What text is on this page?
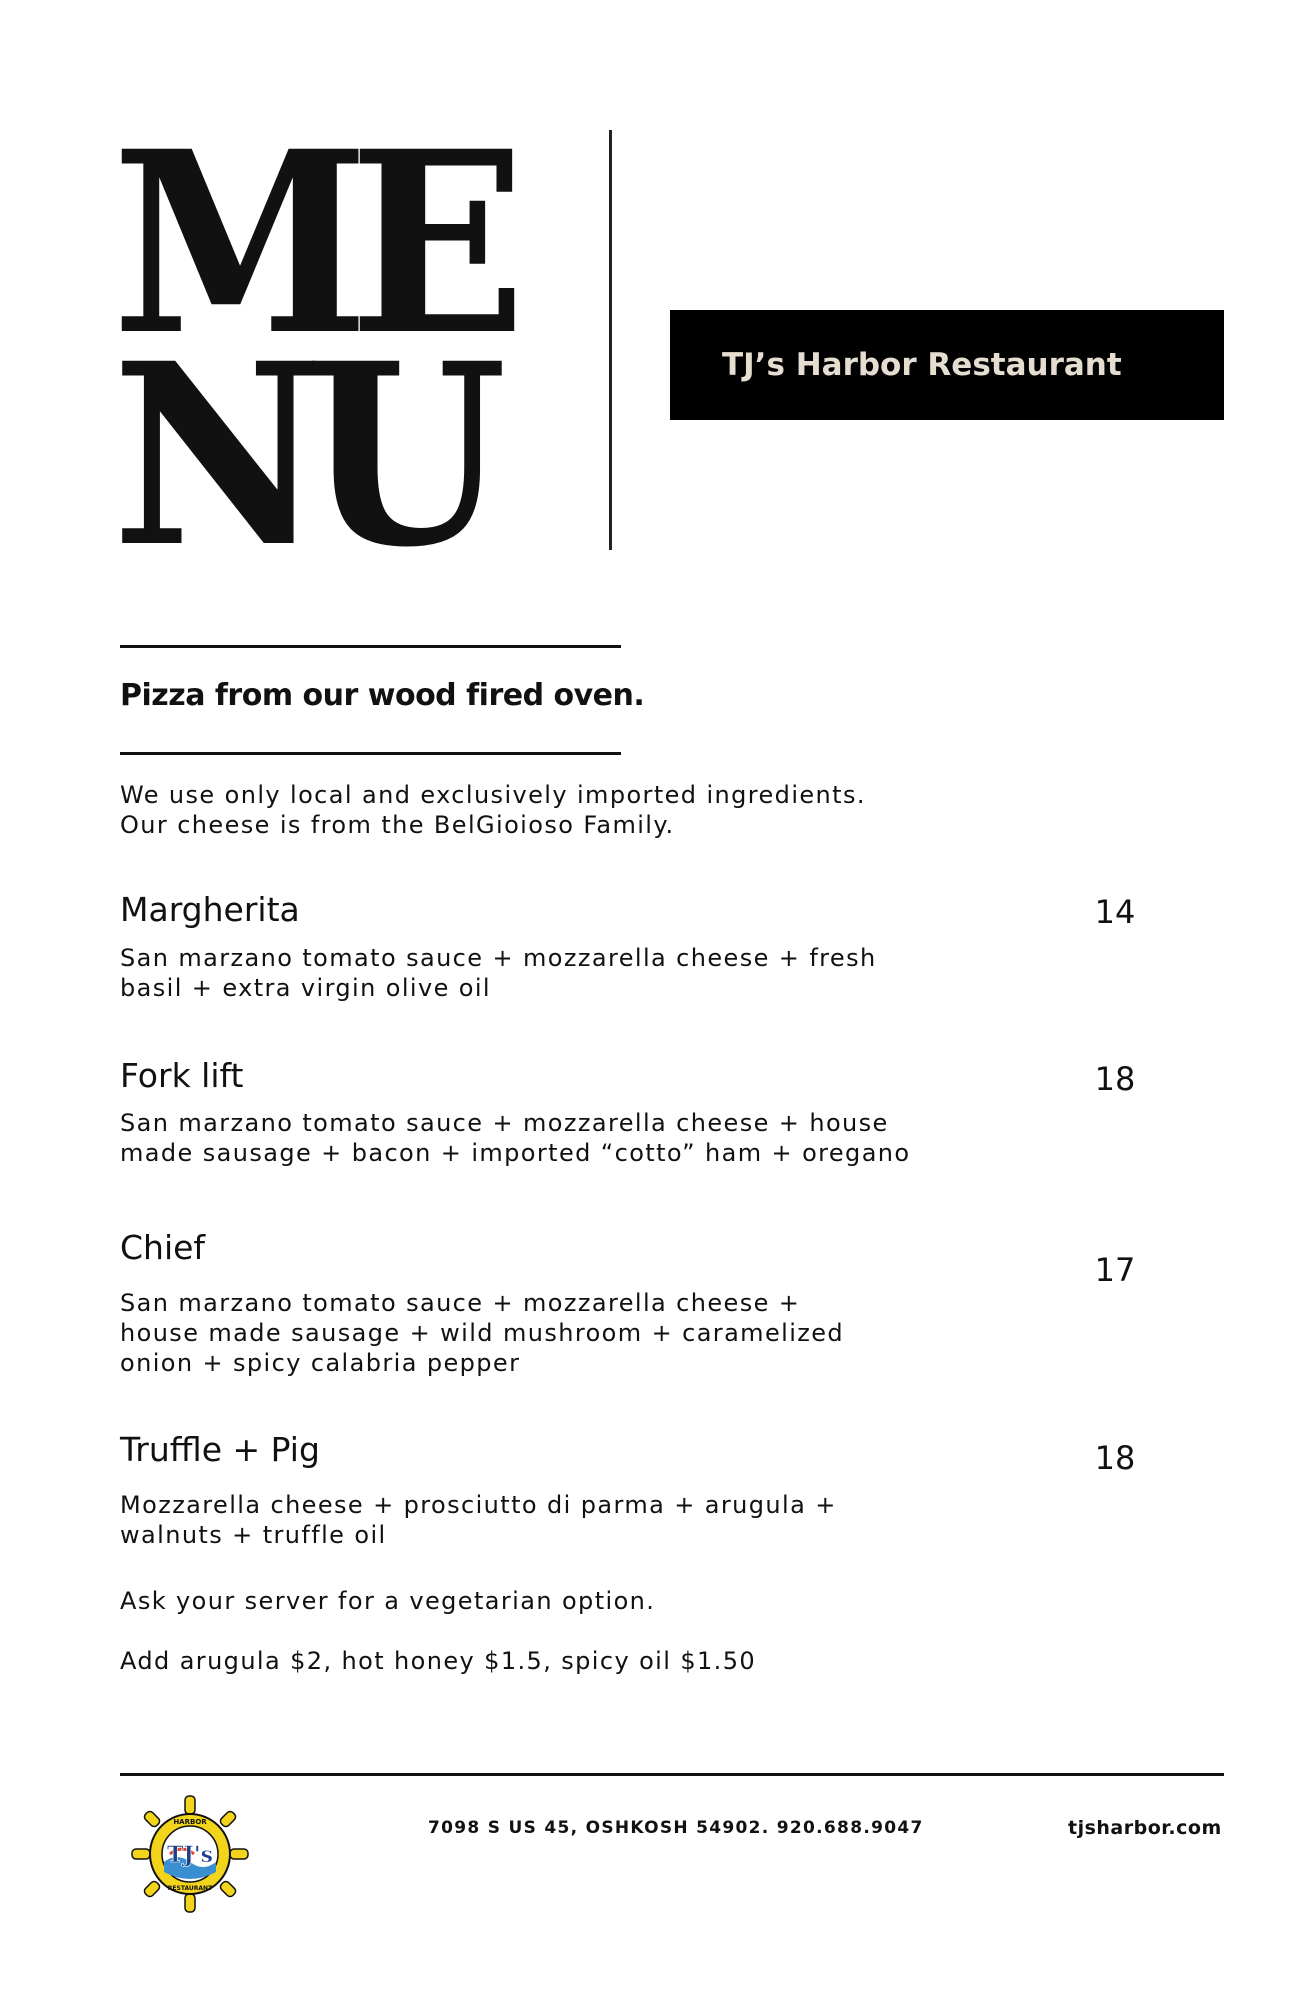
ME
NU	TJ’s Harbor Restaurant
Pizza from our wood fired oven.
We use only local and exclusively imported ingredients.
Our cheese is from the BelGioioso Family.
Margherita	14
San marzano tomato sauce + mozzarella cheese + fresh
basil + extra virgin olive oil
Fork lift	18
San marzano tomato sauce + mozzarella cheese + house
made sausage + bacon + imported “cotto” ham + oregano
Chief
17
San marzano tomato sauce + mozzarella cheese +
house made sausage + wild mushroom + caramelized
onion + spicy calabria pepper
Truffle + Pig	18
Mozzarella cheese + prosciutto di parma + arugula +
walnuts + truffle oil
Ask your server for a vegetarian option.
Add arugula $2, hot honey $1.5, spicy oil $1.50
TJ's
HARBOR
RESTAURANT
7098 S US 45, OSHKOSH 54902. 920.688.9047	tjsharbor.com
